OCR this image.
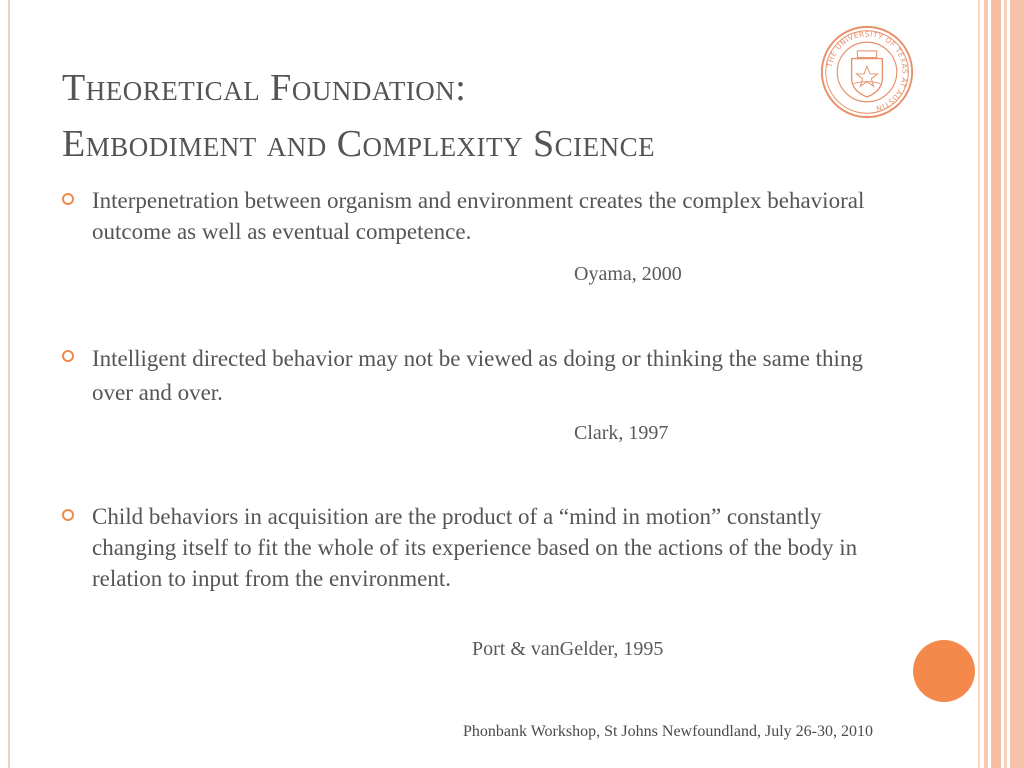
Theoretical Foundation:
Embodiment and Complexity Science
THE UNIVERSITY OF TEXAS AT AUSTIN
Interpenetration between organism and environment creates the complex behavioral outcome as well as eventual competence.
Intelligent directed behavior may not be viewed as doing or thinking the same thing over and over.
Child behaviors in acquisition are the product of a “mind in motion” constantly changing itself to fit the whole of its experience based on the actions of the body in relation to input from the environment.
Oyama, 2000
Clark, 1997
Port & vanGelder, 1995
Phonbank Workshop, St Johns Newfoundland, July 26-30, 2010
